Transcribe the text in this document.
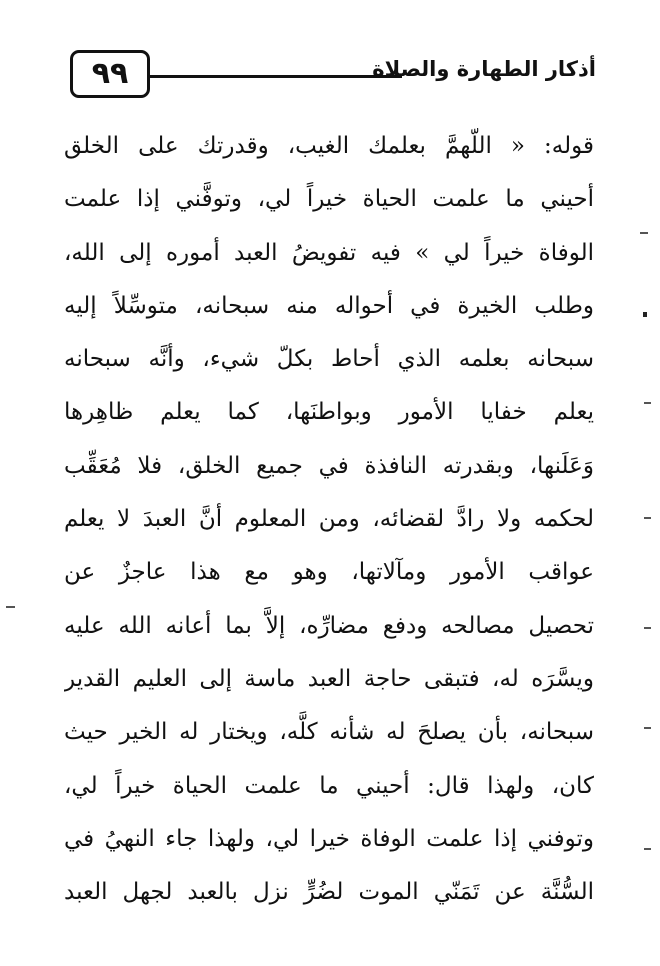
٩٩	أذكار الطهارة والصلاة
قوله: « اللّهمَّ بعلمك الغيب، وقدرتك على الخلق
أحيني ما علمت الحياة خيراً لي، وتوفَّني إذا علمت
الوفاة خيراً لي » فيه تفويضُ العبد أموره إلى الله،
وطلب الخيرة في أحواله منه سبحانه، متوسِّلاً إليه
سبحانه بعلمه الذي أحاط بكلّ شيء، وأنَّه سبحانه
يعلم خفايا الأمور وبواطنَها، كما يعلم ظاهِرها
وَعَلَنها، وبقدرته النافذة في جميع الخلق، فلا مُعَقِّب
لحكمه ولا رادَّ لقضائه، ومن المعلوم أنَّ العبدَ لا يعلم
عواقب الأمور ومآلاتها، وهو مع هذا عاجزٌ عن
تحصيل مصالحه ودفع مضارِّه، إلاَّ بما أعانه الله عليه
ويسَّرَه له، فتبقى حاجة العبد ماسة إلى العليم القدير
سبحانه، بأن يصلحَ له شأنه كلَّه، ويختار له الخير حيث
كان، ولهذا قال: أحيني ما علمت الحياة خيراً لي،
وتوفني إذا علمت الوفاة خيرا لي، ولهذا جاء النهيُ في
السُّنَّة عن تَمَنّي الموت لضُرٍّ نزل بالعبد لجهل العبد
